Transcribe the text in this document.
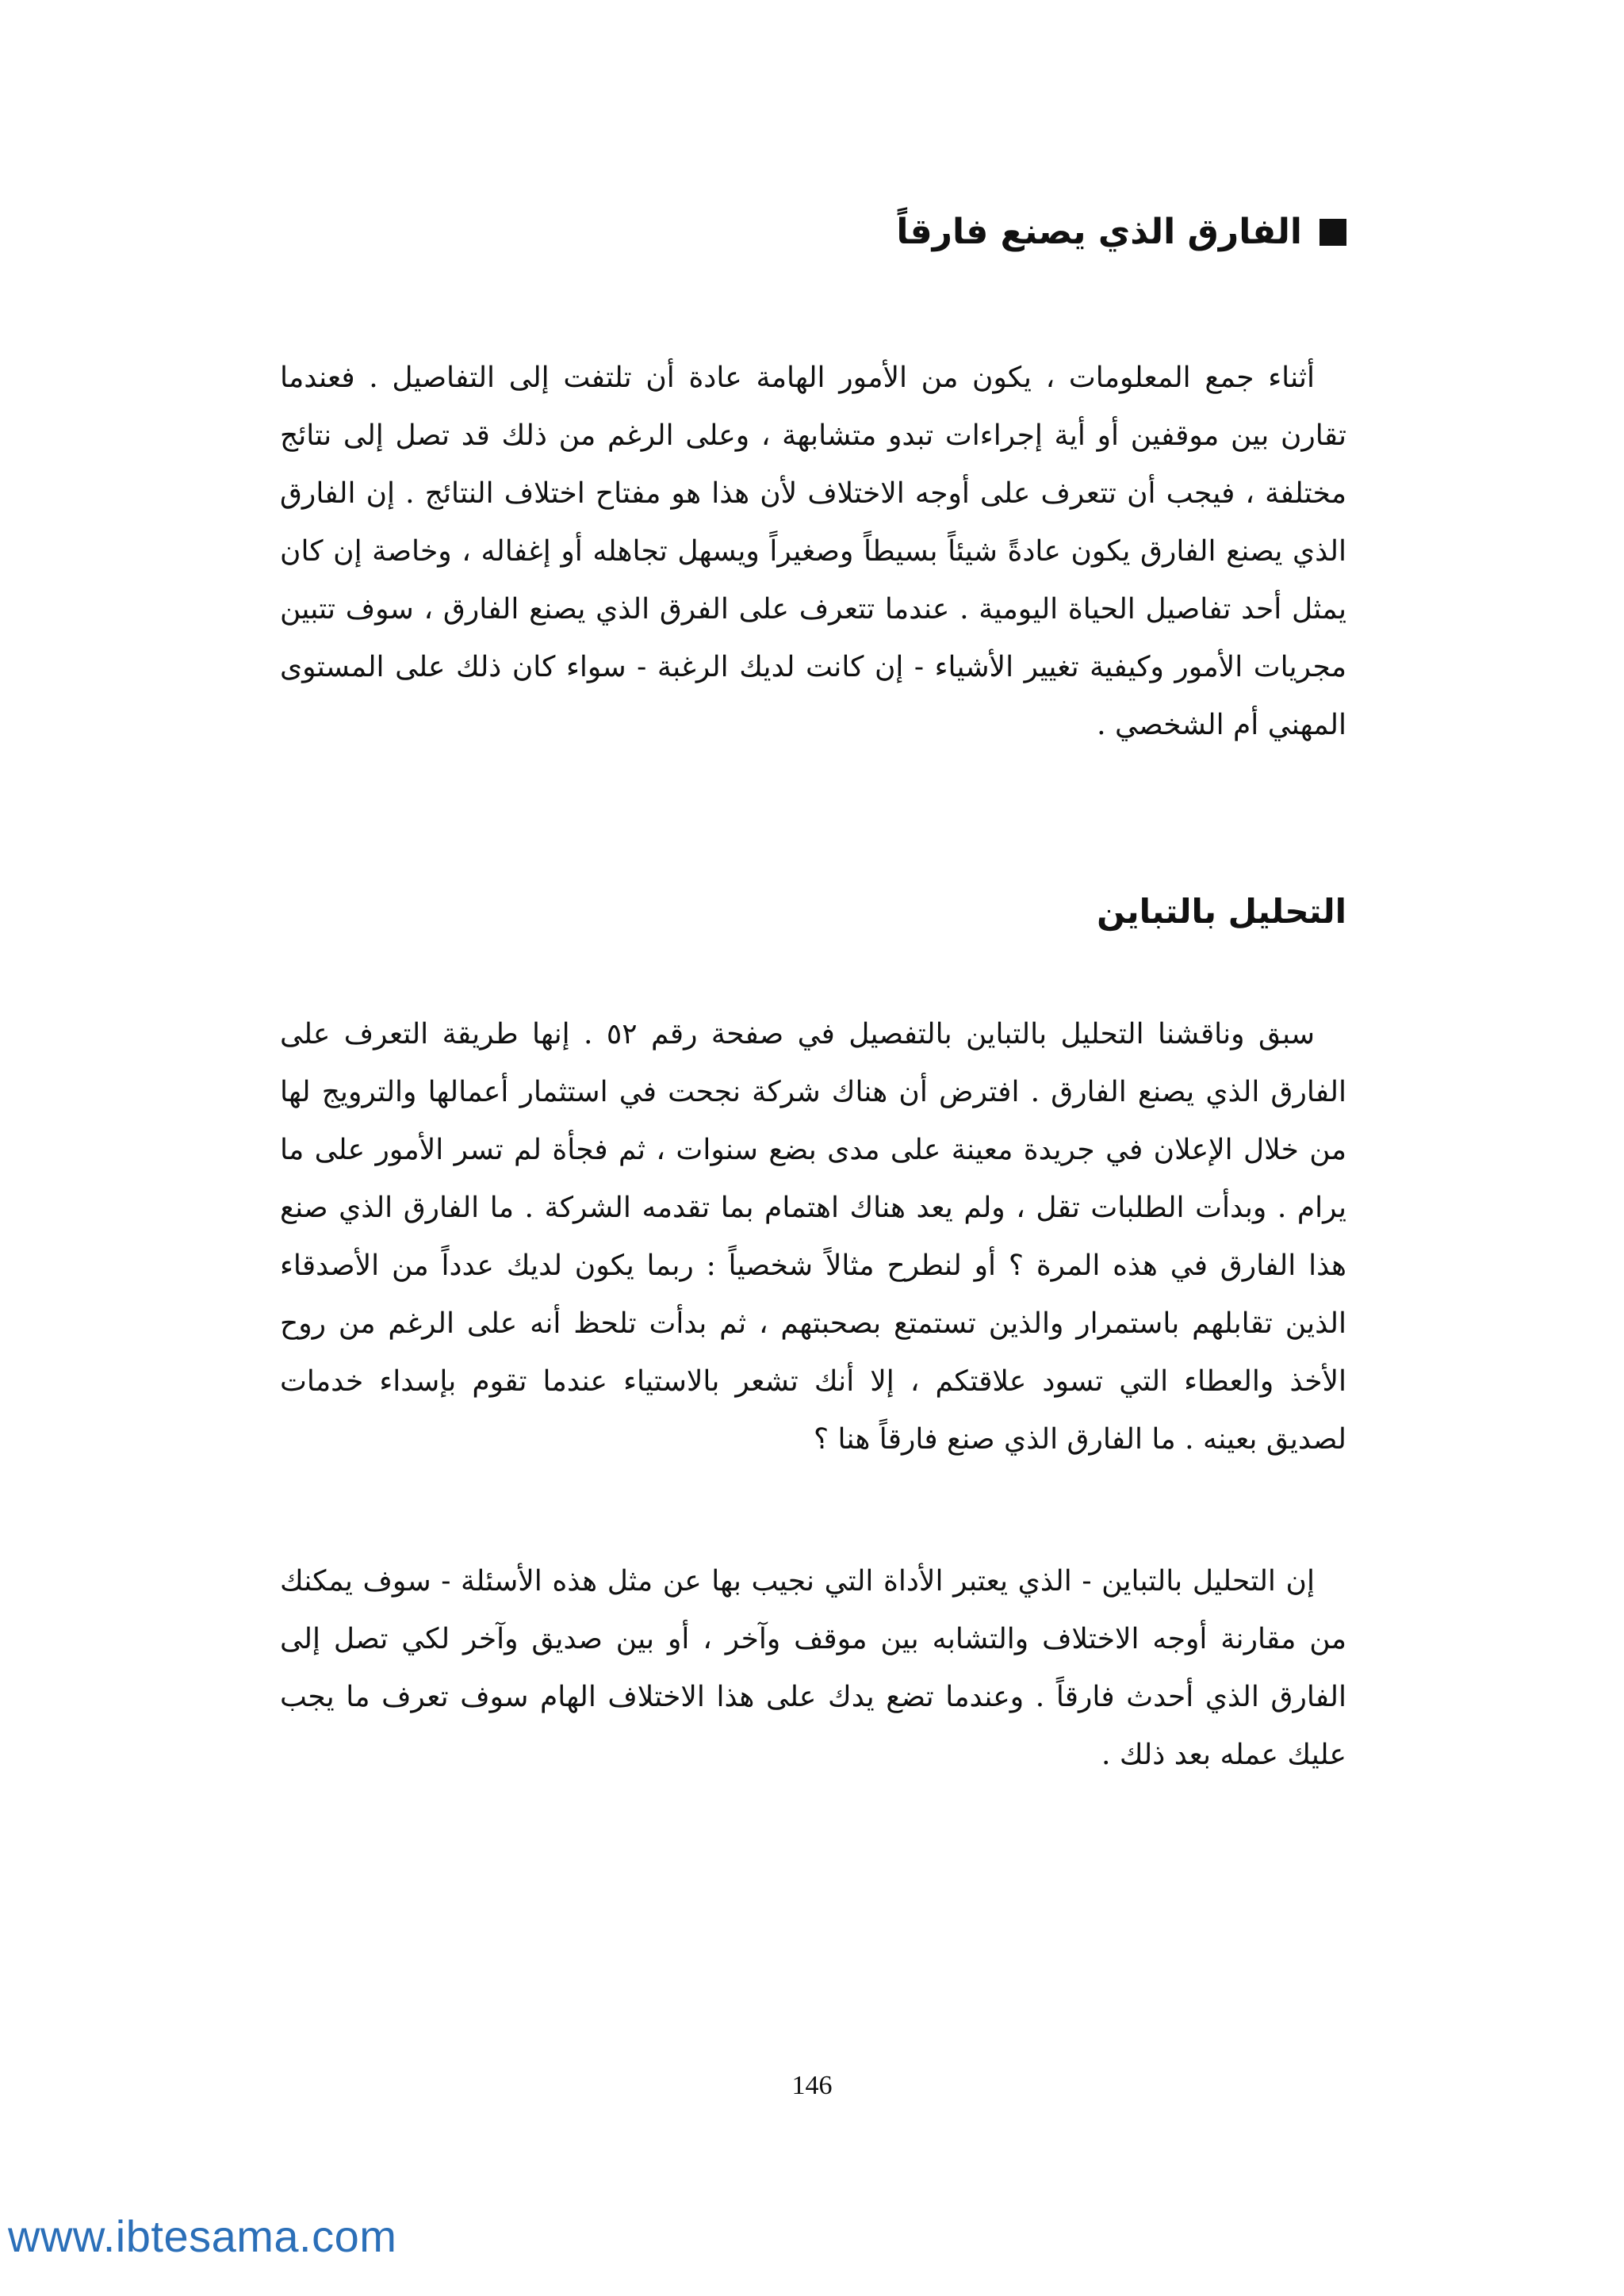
الفارق الذي يصنع فارقاً

أثناء جمع المعلومات ، يكون من الأمور الهامة عادة أن تلتفت إلى التفاصيل . فعندما تقارن بين موقفين أو أية إجراءات تبدو متشابهة ، وعلى الرغم من ذلك قد تصل إلى نتائج مختلفة ، فيجب أن تتعرف على أوجه الاختلاف لأن هذا هو مفتاح اختلاف النتائج . إن الفارق الذي يصنع الفارق يكون عادةً شيئاً بسيطاً وصغيراً ويسهل تجاهله أو إغفاله ، وخاصة إن كان يمثل أحد تفاصيل الحياة اليومية . عندما تتعرف على الفرق الذي يصنع الفارق ، سوف تتبين مجريات الأمور وكيفية تغيير الأشياء - إن كانت لديك الرغبة - سواء كان ذلك على المستوى المهني أم الشخصي .

التحليل بالتباين

سبق وناقشنا التحليل بالتباين بالتفصيل في صفحة رقم ٥٢ . إنها طريقة التعرف على الفارق الذي يصنع الفارق . افترض أن هناك شركة نجحت في استثمار أعمالها والترويج لها من خلال الإعلان في جريدة معينة على مدى بضع سنوات ، ثم فجأة لم تسر الأمور على ما يرام . وبدأت الطلبات تقل ، ولم يعد هناك اهتمام بما تقدمه الشركة . ما الفارق الذي صنع هذا الفارق في هذه المرة ؟ أو لنطرح مثالاً شخصياً : ربما يكون لديك عدداً من الأصدقاء الذين تقابلهم باستمرار والذين تستمتع بصحبتهم ، ثم بدأت تلحظ أنه على الرغم من روح الأخذ والعطاء التي تسود علاقتكم ، إلا أنك تشعر بالاستياء عندما تقوم بإسداء خدمات لصديق بعينه . ما الفارق الذي صنع فارقاً هنا ؟

إن التحليل بالتباين - الذي يعتبر الأداة التي نجيب بها عن مثل هذه الأسئلة - سوف يمكنك من مقارنة أوجه الاختلاف والتشابه بين موقف وآخر ، أو بين صديق وآخر لكي تصل إلى الفارق الذي أحدث فارقاً . وعندما تضع يدك على هذا الاختلاف الهام سوف تعرف ما يجب عليك عمله بعد ذلك .

146
www.ibtesama.com
